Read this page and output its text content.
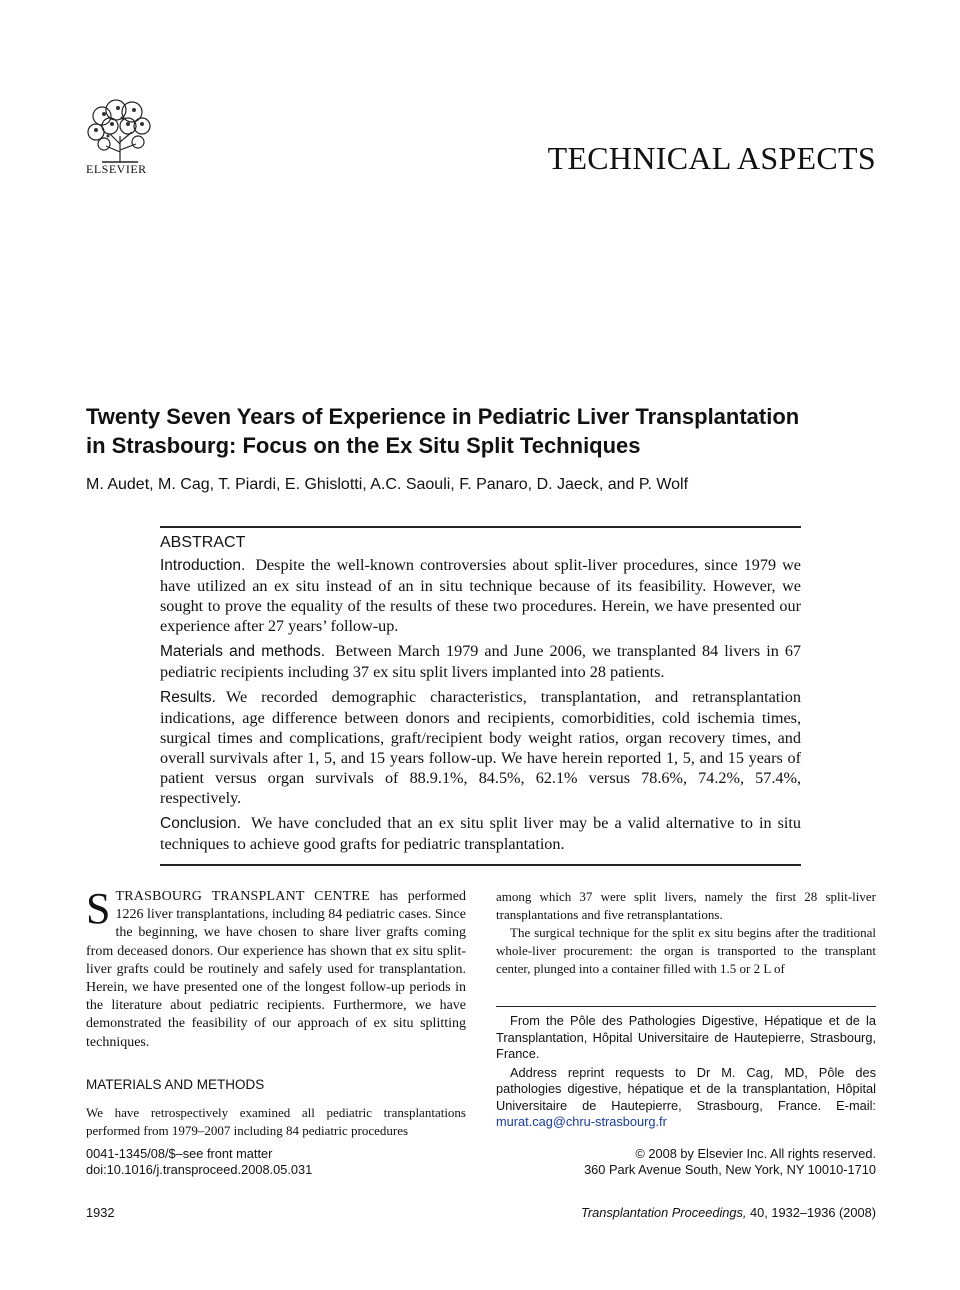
ELSEVIER	TECHNICAL ASPECTS
Twenty Seven Years of Experience in Pediatric Liver Transplantation
in Strasbourg: Focus on the Ex Situ Split Techniques
M. Audet, M. Cag, T. Piardi, E. Ghislotti, A.C. Saouli, F. Panaro, D. Jaeck, and P. Wolf
ABSTRACT

Introduction. Despite the well-known controversies about split-liver procedures, since 1979 we have utilized an ex situ instead of an in situ technique because of its feasibility. However, we sought to prove the equality of the results of these two procedures. Herein, we have presented our experience after 27 years’ follow-up.

Materials and methods. Between March 1979 and June 2006, we transplanted 84 livers in 67 pediatric recipients including 37 ex situ split livers implanted into 28 patients.

Results. We recorded demographic characteristics, transplantation, and retransplantation indications, age difference between donors and recipients, comorbidities, cold ischemia times, surgical times and complications, graft/recipient body weight ratios, organ recovery times, and overall survivals after 1, 5, and 15 years follow-up. We have herein reported 1, 5, and 15 years of patient versus organ survivals of 88.9.1%, 84.5%, 62.1% versus 78.6%, 74.2%, 57.4%, respectively.

Conclusion. We have concluded that an ex situ split liver may be a valid alternative to in situ techniques to achieve good grafts for pediatric transplantation.

STRASBOURG TRANSPLANT CENTRE has performed 1226 liver transplantations, including 84 pediatric cases. Since the beginning, we have chosen to share liver grafts coming from deceased donors. Our experience has shown that ex situ split-liver grafts could be routinely and safely used for transplantation. Herein, we have presented one of the longest follow-up periods in the literature about pediatric recipients. Furthermore, we have demonstrated the feasibility of our approach of ex situ splitting techniques.

MATERIALS AND METHODS

We have retrospectively examined all pediatric transplantations performed from 1979–2007 including 84 pediatric procedures

among which 37 were split livers, namely the first 28 split-liver transplantations and five retransplantations.

The surgical technique for the split ex situ begins after the traditional whole-liver procurement: the organ is transported to the transplant center, plunged into a container filled with 1.5 or 2 L of

From the Pôle des Pathologies Digestive, Hépatique et de la Transplantation, Hôpital Universitaire de Hautepierre, Strasbourg, France.

Address reprint requests to Dr M. Cag, MD, Pôle des pathologies digestive, hépatique et de la transplantation, Hôpital Universitaire de Hautepierre, Strasbourg, France. E-mail: murat.cag@chru-strasbourg.fr

0041-1345/08/$–see front matter
doi:10.1016/j.transproceed.2008.05.031
© 2008 by Elsevier Inc. All rights reserved.
360 Park Avenue South, New York, NY 10010-1710
1932	Transplantation Proceedings, 40, 1932–1936 (2008)
